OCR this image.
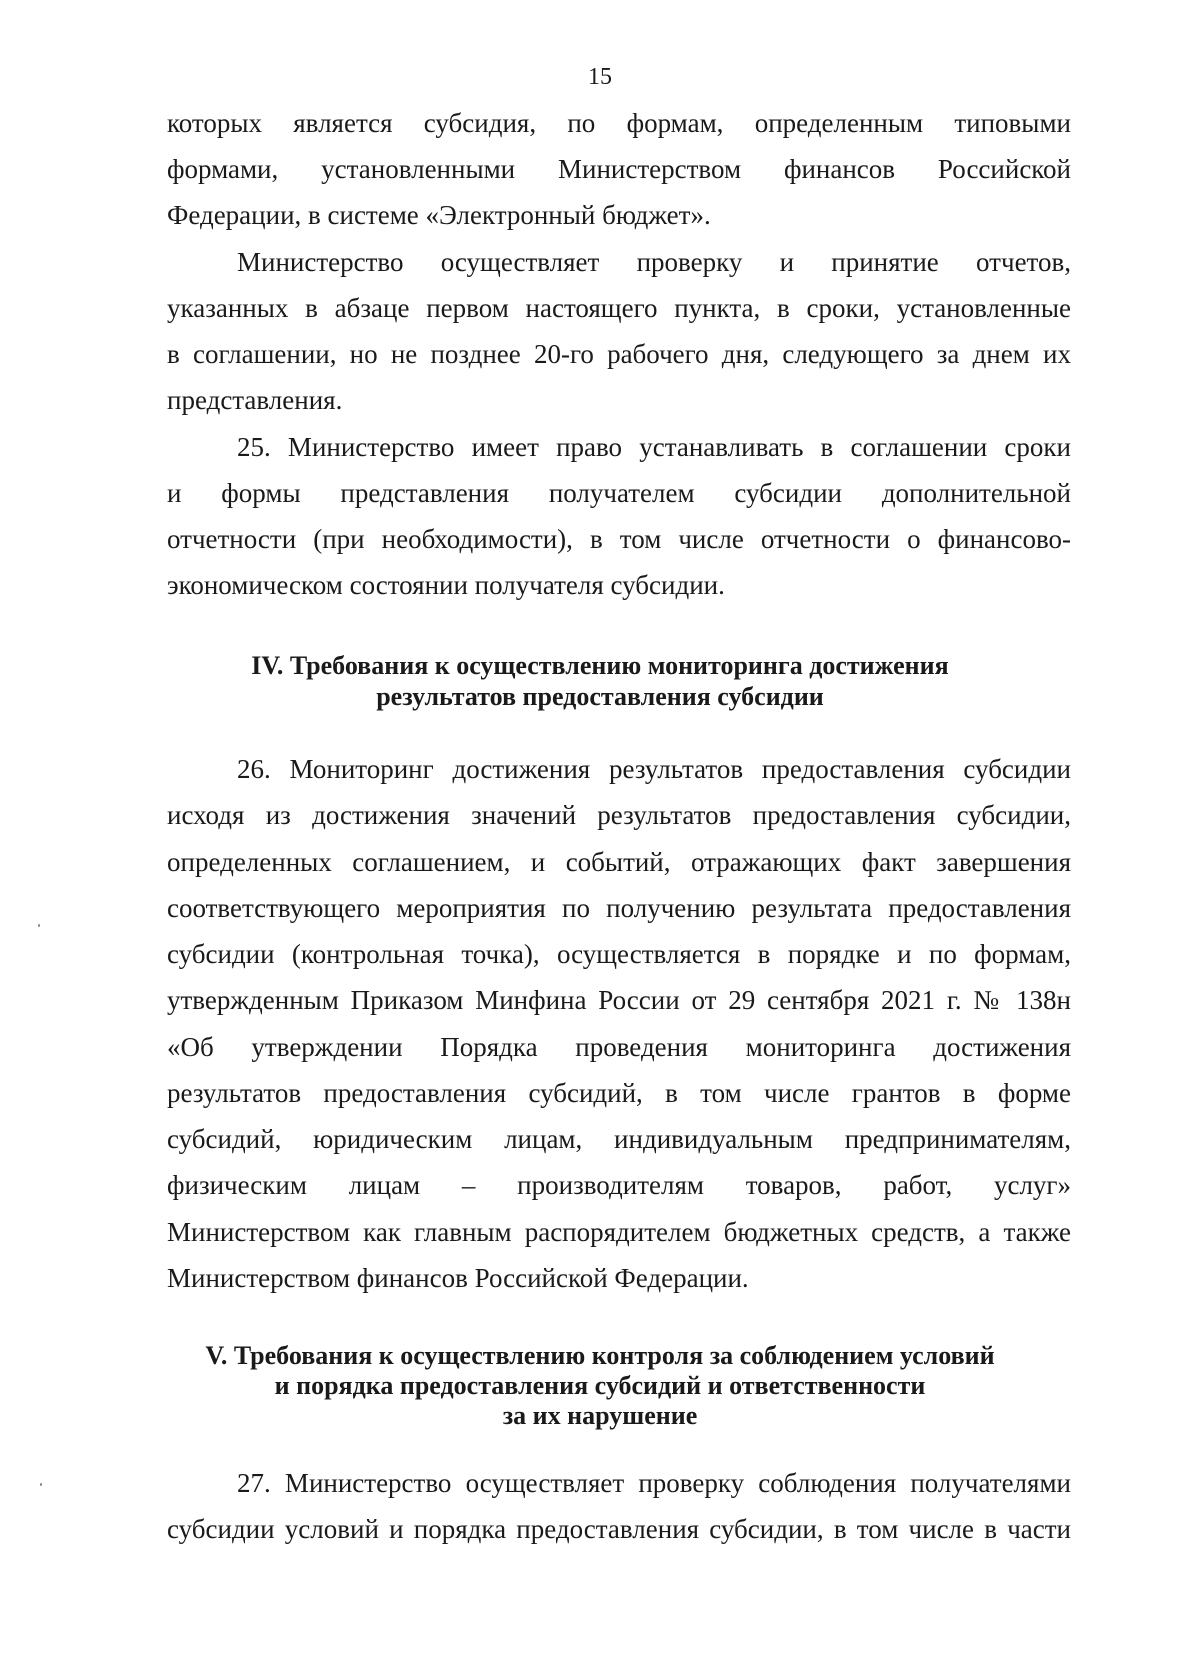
15
которых является субсидия, по формам, определенным типовыми
формами, установленными Министерством финансов Российской
Федерации, в системе «Электронный бюджет».
Министерство осуществляет проверку и принятие отчетов,
указанных в абзаце первом настоящего пункта, в сроки, установленные
в соглашении, но не позднее 20-го рабочего дня, следующего за днем их
представления.
25. Министерство имеет право устанавливать в соглашении сроки
и формы представления получателем субсидии дополнительной
отчетности (при необходимости), в том числе отчетности о финансово-
экономическом состоянии получателя субсидии.
IV. Требования к осуществлению мониторинга достижения
результатов предоставления субсидии
26. Мониторинг достижения результатов предоставления субсидии
исходя из достижения значений результатов предоставления субсидии,
определенных соглашением, и событий, отражающих факт завершения
соответствующего мероприятия по получению результата предоставления
субсидии (контрольная точка), осуществляется в порядке и по формам,
утвержденным Приказом Минфина России от 29 сентября 2021 г. № 138н
«Об утверждении Порядка проведения мониторинга достижения
результатов предоставления субсидий, в том числе грантов в форме
субсидий, юридическим лицам, индивидуальным предпринимателям,
физическим лицам – производителям товаров, работ, услуг»
Министерством как главным распорядителем бюджетных средств, а также
Министерством финансов Российской Федерации.
V. Требования к осуществлению контроля за соблюдением условий
и порядка предоставления субсидий и ответственности
за их нарушение
27. Министерство осуществляет проверку соблюдения получателями
субсидии условий и порядка предоставления субсидии, в том числе в части
